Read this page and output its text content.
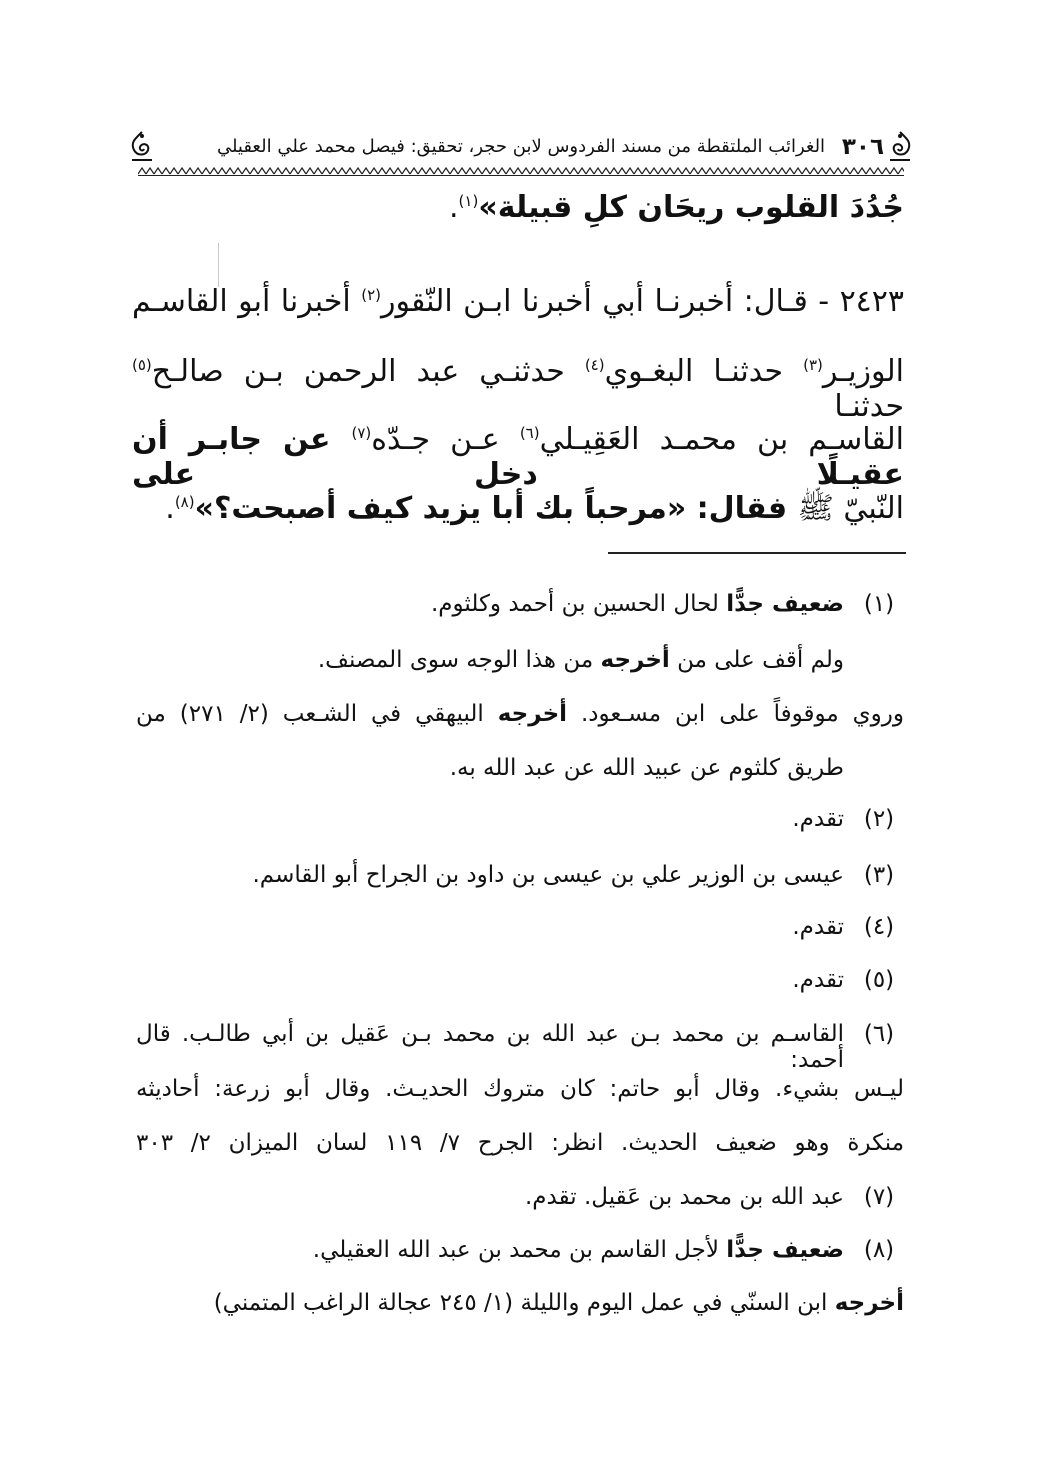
٣٠٦
الغرائب الملتقطة من مسند الفردوس لابن حجر، تحقيق: فيصل محمد علي العقيلي
جُدُدَ القلوب ريحَان كلِ قبيلة»$^{(١)}$.
٢٤٢٣ - قـال: أخبرنـا أبي أخبرنا ابـن النّقور$^{(٢)}$ أخبرنا أبو القاسـم
الوزيـر$^{(٣)}$ حدثنـا البغـوي$^{(٤)}$ حدثنـي عبد الرحمن بـن صالـح$^{(٥)}$ حدثنـا
القاسـم بن محمـد العَقِيـلي$^{(٦)}$ عـن جـدّه$^{(٧)}$ عن جابـر أن عقيـلًا دخل على
النّبيّ ﷺ فقال: «مرحباً بك أبا يزيد كيف أصبحت؟»$^{(٨)}$.
(١)
ضعيف جدًّا لحال الحسين بن أحمد وكلثوم.
ولم أقف على من أخرجه من هذا الوجه سوى المصنف.
وروي موقوفاً على ابن مسـعود. أخرجه البيهقي في الشـعب (٢/ ٢٧١) من
طريق كلثوم عن عبيد الله عن عبد الله به.
(٢)
تقدم.
(٣)
عيسى بن الوزير علي بن عيسى بن داود بن الجراح أبو القاسم.
(٤)
تقدم.
(٥)
تقدم.
(٦)
القاسـم بن محمد بـن عبد الله بن محمد بـن عَقيل بن أبي طالـب. قال أحمد:
ليـس بشيء. وقال أبو حاتم: كان متروك الحديـث. وقال أبو زرعة: أحاديثه
منكرة وهو ضعيف الحديث. انظر: الجرح ٧/ ١١٩ لسان الميزان ٢/ ٣٠٣
(٧)
عبد الله بن محمد بن عَقيل. تقدم.
(٨)
ضعيف جدًّا لأجل القاسم بن محمد بن عبد الله العقيلي.
أخرجه ابن السنّي في عمل اليوم والليلة (١/ ٢٤٥ عجالة الراغب المتمني)
